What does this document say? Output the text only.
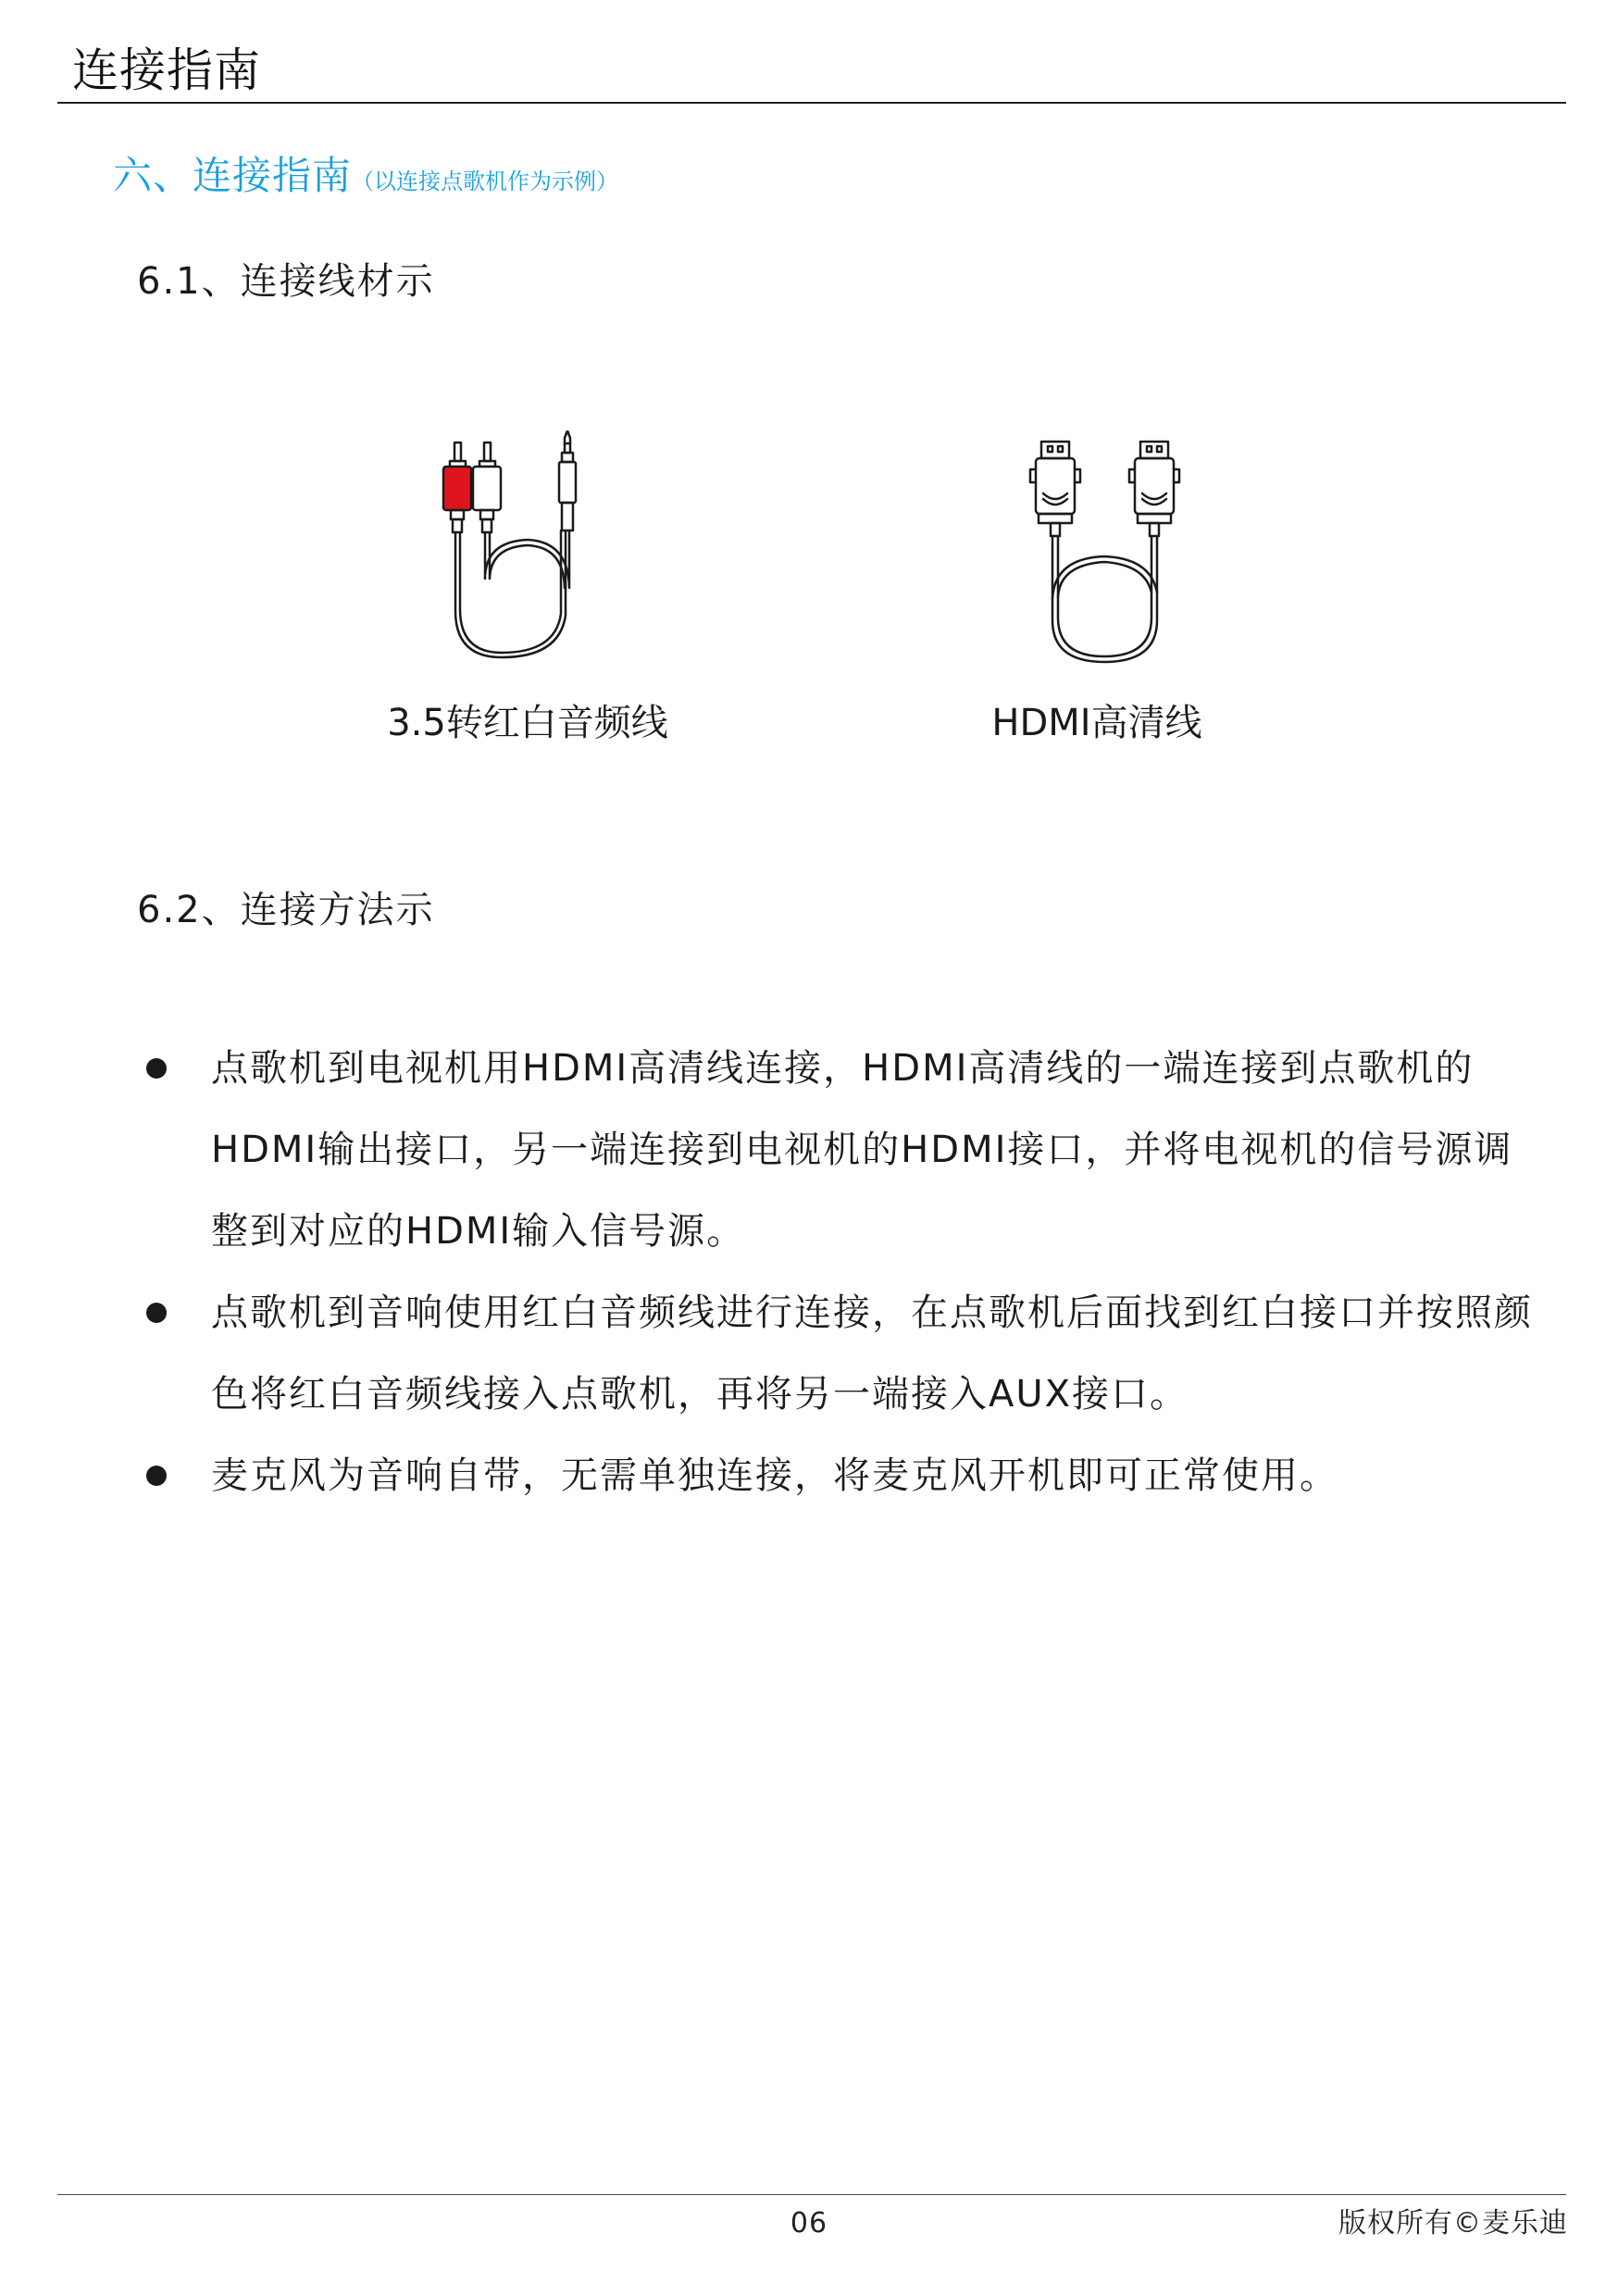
连接指南
六、连接指南（以连接点歌机作为示例）
6.1、连接线材示
3.5转红白音频线	HDMI高清线
6.2、连接方法示
点歌机到电视机用HDMI高清线连接，HDMI高清线的一端连接到点歌机的HDMI输出接口，另一端连接到电视机的HDMI接口，并将电视机的信号源调整到对应的HDMI输入信号源。
点歌机到音响使用红白音频线进行连接，在点歌机后面找到红白接口并按照颜色将红白音频线接入点歌机，再将另一端接入AUX接口。
麦克风为音响自带，无需单独连接，将麦克风开机即可正常使用。
06	版权所有©麦乐迪
